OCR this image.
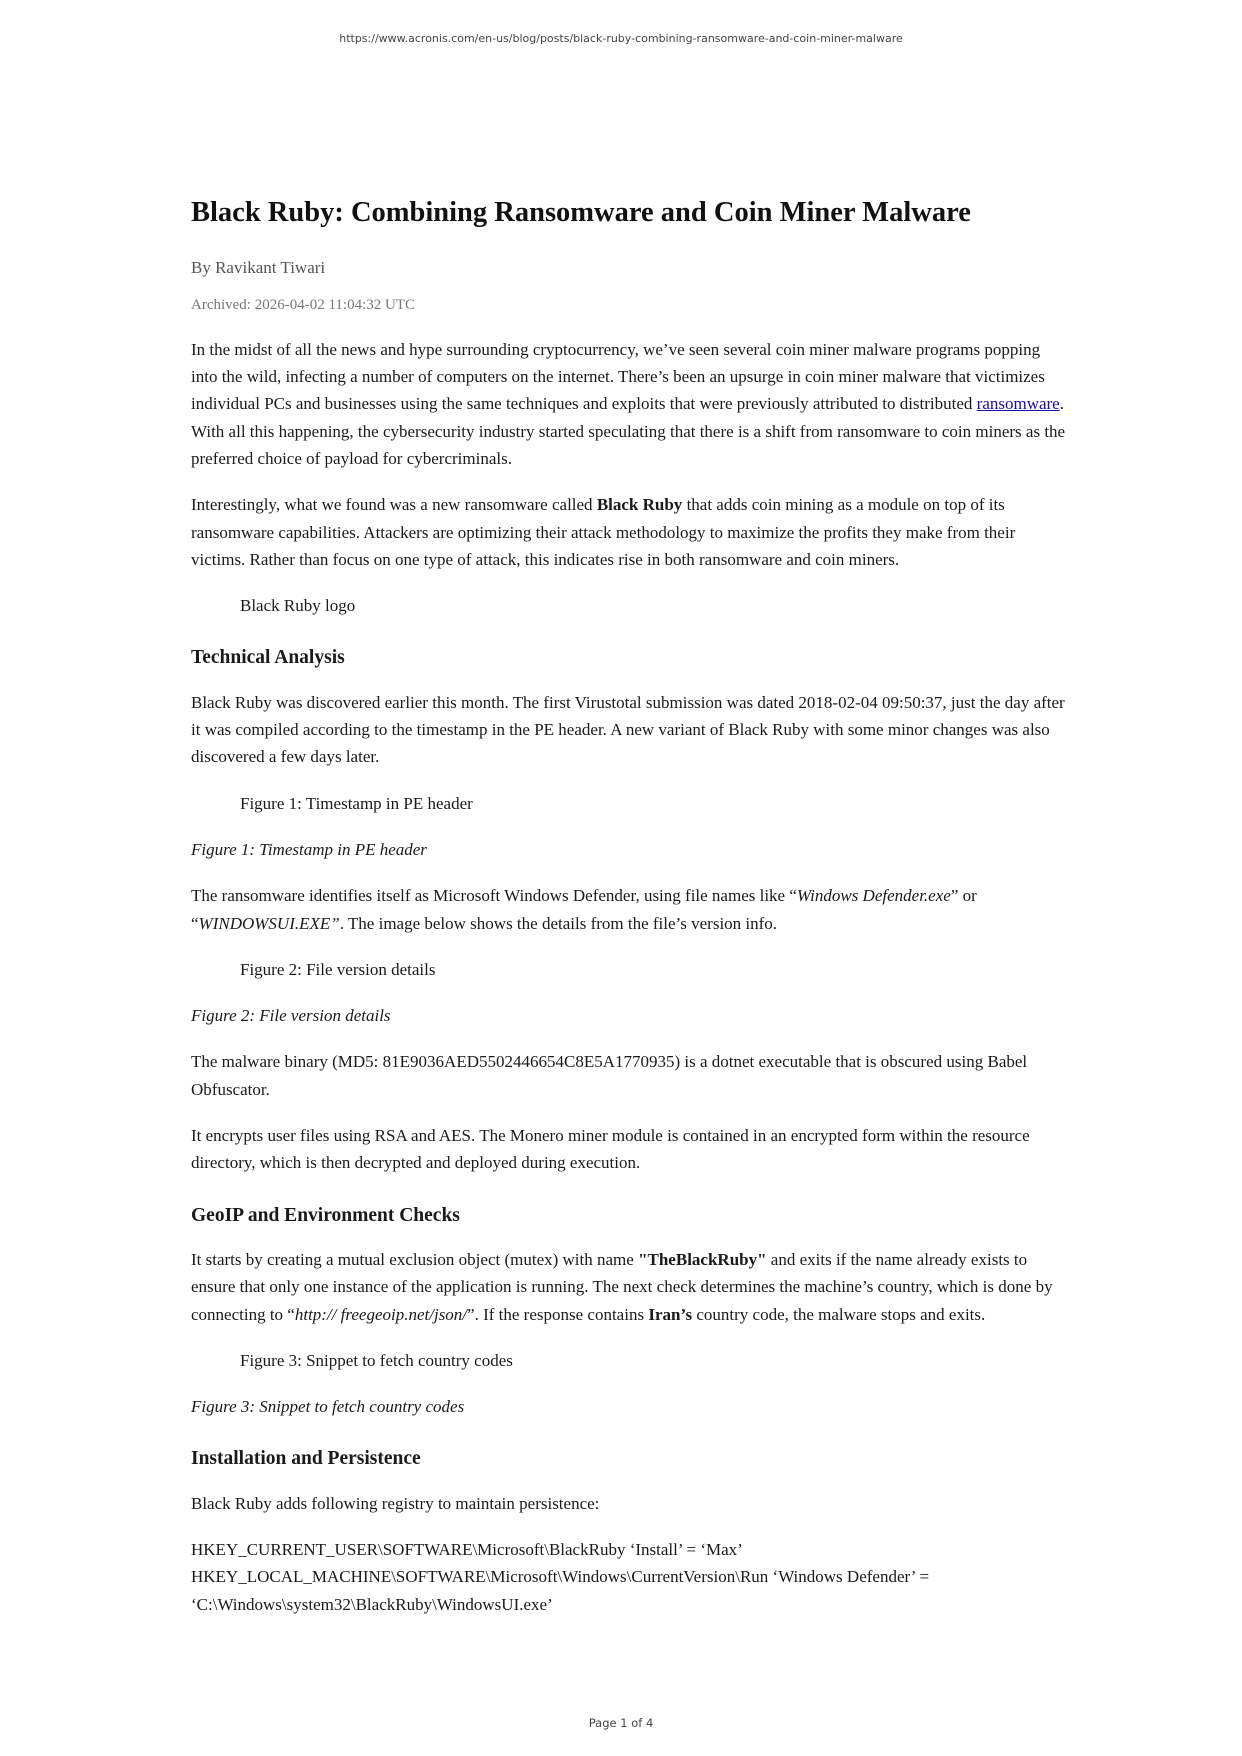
https://www.acronis.com/en-us/blog/posts/black-ruby-combining-ransomware-and-coin-miner-malware
Black Ruby: Combining Ransomware and Coin Miner Malware
By Ravikant Tiwari
Archived: 2026-04-02 11:04:32 UTC

In the midst of all the news and hype surrounding cryptocurrency, we’ve seen several coin miner malware programs popping into the wild, infecting a number of computers on the internet. There’s been an upsurge in coin miner malware that victimizes individual PCs and businesses using the same techniques and exploits that were previously attributed to distributed ransomware. With all this happening, the cybersecurity industry started speculating that there is a shift from ransomware to coin miners as the preferred choice of payload for cybercriminals.

Interestingly, what we found was a new ransomware called Black Ruby that adds coin mining as a module on top of its ransomware capabilities. Attackers are optimizing their attack methodology to maximize the profits they make from their victims. Rather than focus on one type of attack, this indicates rise in both ransomware and coin miners.

Black Ruby logo
Technical Analysis

Black Ruby was discovered earlier this month. The first Virustotal submission was dated 2018-02-04 09:50:37, just the day after it was compiled according to the timestamp in the PE header. A new variant of Black Ruby with some minor changes was also discovered a few days later.

Figure 1: Timestamp in PE header
Figure 1: Timestamp in PE header

The ransomware identifies itself as Microsoft Windows Defender, using file names like “Windows Defender.exe” or “WINDOWSUI.EXE”. The image below shows the details from the file’s version info.

Figure 2: File version details
Figure 2: File version details

The malware binary (MD5: 81E9036AED5502446654C8E5A1770935) is a dotnet executable that is obscured using Babel Obfuscator.

It encrypts user files using RSA and AES. The Monero miner module is contained in an encrypted form within the resource directory, which is then decrypted and deployed during execution.

GeoIP and Environment Checks

It starts by creating a mutual exclusion object (mutex) with name "TheBlackRuby" and exits if the name already exists to ensure that only one instance of the application is running. The next check determines the machine’s country, which is done by connecting to “http:// freegeoip.net/json/”. If the response contains Iran’s country code, the malware stops and exits.

Figure 3: Snippet to fetch country codes
Figure 3: Snippet to fetch country codes
Installation and Persistence

Black Ruby adds following registry to maintain persistence:

HKEY_CURRENT_USER\SOFTWARE\Microsoft\BlackRuby ‘Install’ = ‘Max’

HKEY_LOCAL_MACHINE\SOFTWARE\Microsoft\Windows\CurrentVersion\Run ‘Windows Defender’ = ‘C:\Windows\system32\BlackRuby\WindowsUI.exe’

Page 1 of 4
